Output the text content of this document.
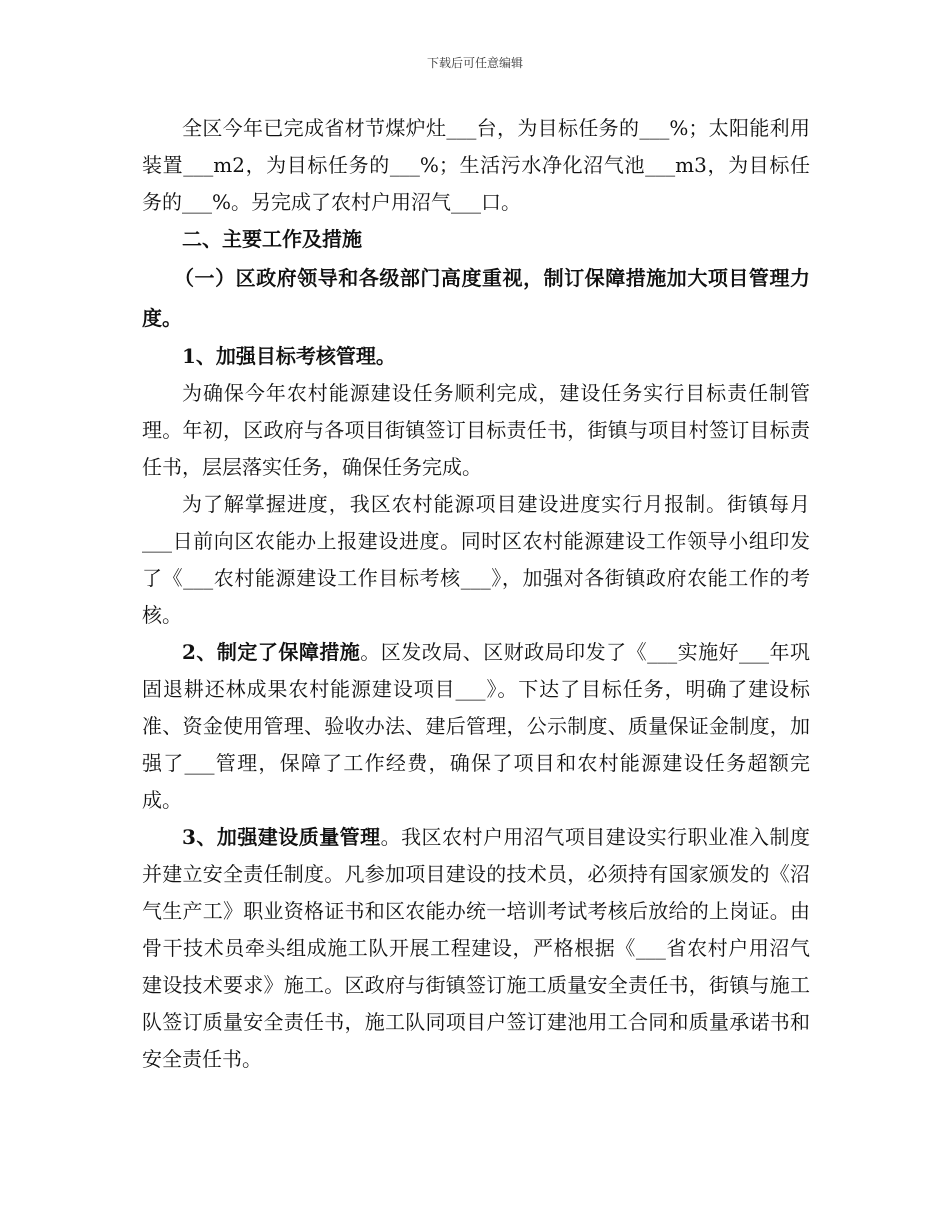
下载后可任意编辑

全区今年已完成省材节煤炉灶___台，为目标任务的___%；太阳能利用装置___m2，为目标任务的___%；生活污水净化沼气池___m3，为目标任务的___%。另完成了农村户用沼气___口。

二、主要工作及措施

（一）区政府领导和各级部门高度重视，制订保障措施加大项目管理力度。

1、加强目标考核管理。

为确保今年农村能源建设任务顺利完成，建设任务实行目标责任制管理。年初，区政府与各项目街镇签订目标责任书，街镇与项目村签订目标责任书，层层落实任务，确保任务完成。

为了解掌握进度，我区农村能源项目建设进度实行月报制。街镇每月___日前向区农能办上报建设进度。同时区农村能源建设工作领导小组印发了《___农村能源建设工作目标考核___》，加强对各街镇政府农能工作的考核。

2、制定了保障措施。区发改局、区财政局印发了《___实施好___年巩固退耕还林成果农村能源建设项目___》。下达了目标任务，明确了建设标准、资金使用管理、验收办法、建后管理，公示制度、质量保证金制度，加强了___管理，保障了工作经费，确保了项目和农村能源建设任务超额完成。

3、加强建设质量管理。我区农村户用沼气项目建设实行职业准入制度并建立安全责任制度。凡参加项目建设的技术员，必须持有国家颁发的《沼气生产工》职业资格证书和区农能办统一培训考试考核后放给的上岗证。由骨干技术员牵头组成施工队开展工程建设，严格根据《___省农村户用沼气建设技术要求》施工。区政府与街镇签订施工质量安全责任书，街镇与施工队签订质量安全责任书，施工队同项目户签订建池用工合同和质量承诺书和安全责任书。
